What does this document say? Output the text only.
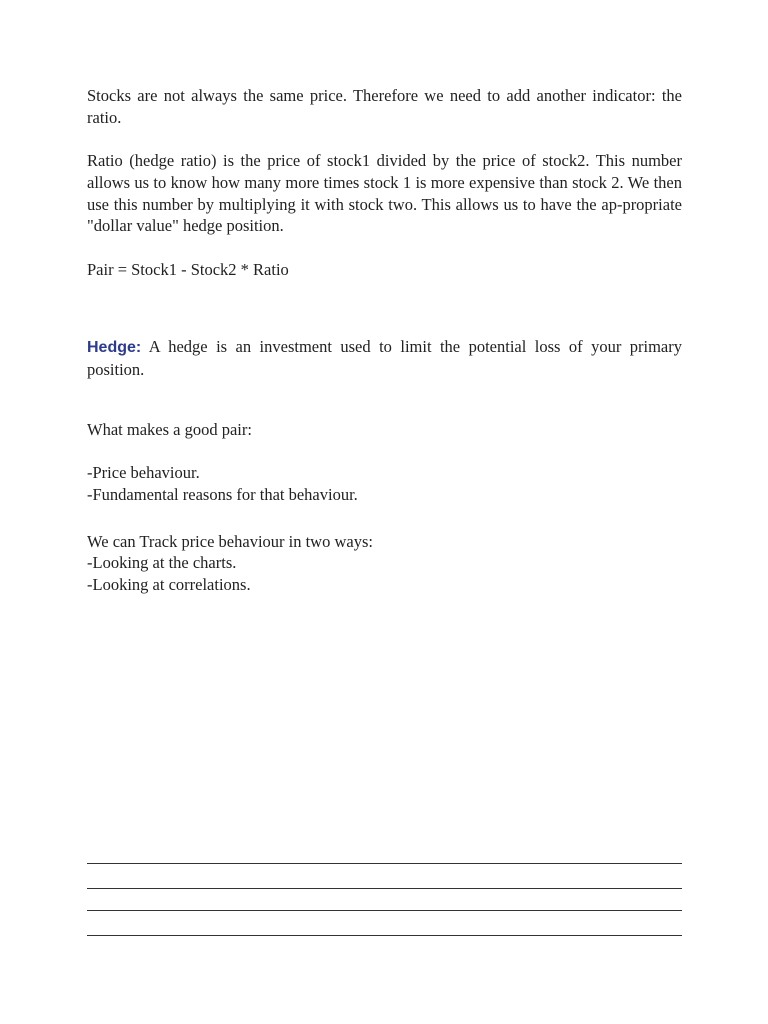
Stocks are not always the same price. Therefore we need to add another indicator: the ratio.

Ratio (hedge ratio) is the price of stock1 divided by the price of stock2. This number allows us to know how many more times stock 1 is more expensive than stock 2. We then use this number by multiplying it with stock two. This allows us to have the ap-propriate "dollar value" hedge position.

Pair = Stock1 - Stock2 * Ratio

Hedge: A hedge is an investment used to limit the potential loss of your primary position.

What makes a good pair:

-Price behaviour.

-Fundamental reasons for that behaviour.

We can Track price behaviour in two ways:

-Looking at the charts.

-Looking at correlations.
